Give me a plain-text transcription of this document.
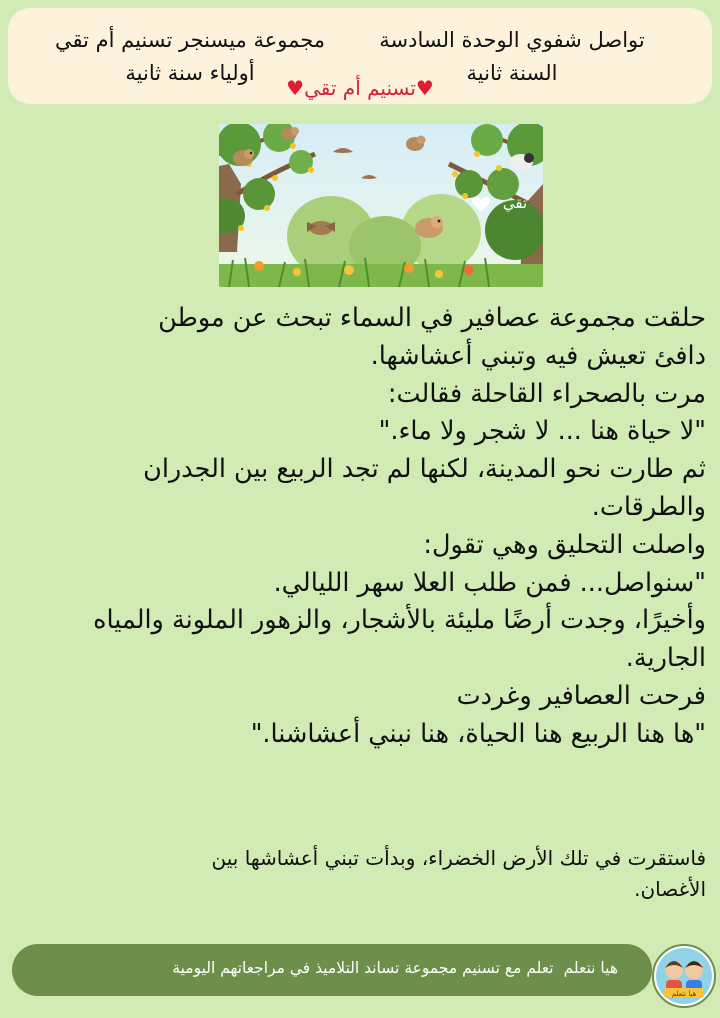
تواصل شفوي الوحدة السادسة
السنة ثانية
مجموعة ميسنجر تسنيم أم تقي
أولياء سنة ثانية
♥تسنيم أم تقي♥
تقي

حلقت مجموعة عصافير في السماء تبحث عن موطن

دافئ تعيش فيه وتبني أعشاشها.

مرت بالصحراء القاحلة فقالت:

"لا حياة هنا ... لا شجر ولا ماء."

ثم طارت نحو المدينة، لكنها لم تجد الربيع بين الجدران

والطرقات.

واصلت التحليق وهي تقول:

"سنواصل... فمن طلب العلا سهر الليالي.

وأخيرًا، وجدت أرضًا مليئة بالأشجار، والزهور الملونة والمياه

الجارية.

فرحت العصافير وغردت

"ها هنا الربيع هنا الحياة، هنا نبني أعشاشنا."

فاستقرت في تلك الأرض الخضراء، وبدأت تبني أعشاشها بين

الأغصان.

هيا نتعلمتعلم مع تسنيم مجموعة تساند التلاميذ في مراجعاتهم اليومية
هيا نتعلم
